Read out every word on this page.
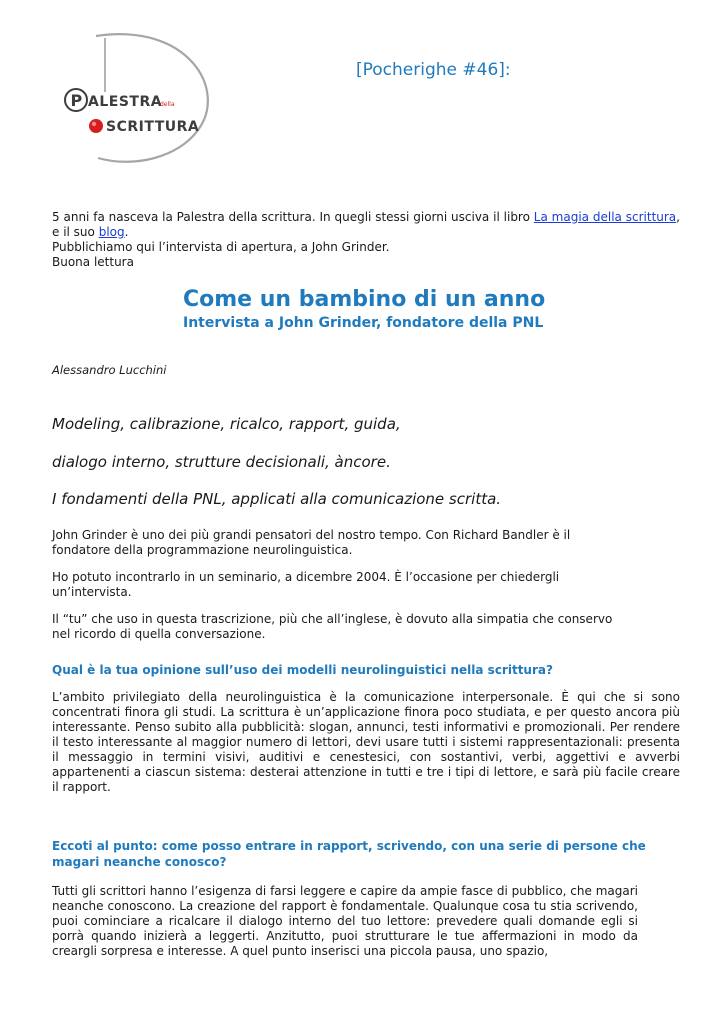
P ALESTRA
della
SCRITTURA
[Pocherighe #46]:
5 anni fa nasceva la Palestra della scrittura. In quegli stessi giorni usciva il libro La magia della scrittura, e il suo blog.
Pubblichiamo qui l’intervista di apertura, a John Grinder.
Buona lettura
Come un bambino di un anno
Intervista a John Grinder, fondatore della PNL
Alessandro Lucchini
Modeling, calibrazione, ricalco, rapport, guida,
dialogo interno, strutture decisionali, àncore.
I fondamenti della PNL, applicati alla comunicazione scritta.
John Grinder è uno dei più grandi pensatori del nostro tempo. Con Richard Bandler è il fondatore della programmazione neurolinguistica.
Ho potuto incontrarlo in un seminario, a dicembre 2004. È l’occasione per chiedergli un’intervista.
Il “tu” che uso in questa trascrizione, più che all’inglese, è dovuto alla simpatia che conservo nel ricordo di quella conversazione.
Qual è la tua opinione sull’uso dei modelli neurolinguistici nella scrittura?
L’ambito privilegiato della neurolinguistica è la comunicazione interpersonale. È qui che si sono concentrati finora gli studi. La scrittura è un’applicazione finora poco studiata, e per questo ancora più interessante. Penso subito alla pubblicità: slogan, annunci, testi informativi e promozionali. Per rendere il testo interessante al maggior numero di lettori, devi usare tutti i sistemi rappresentazionali: presenta il messaggio in termini visivi, auditivi e cenestesici, con sostantivi, verbi, aggettivi e avverbi appartenenti a ciascun sistema: desterai attenzione in tutti e tre i tipi di lettore, e sarà più facile creare il rapport.
Eccoti al punto: come posso entrare in rapport, scrivendo, con una serie di persone che magari neanche conosco?
Tutti gli scrittori hanno l’esigenza di farsi leggere e capire da ampie fasce di pubblico, che magari neanche conoscono. La creazione del rapport è fondamentale. Qualunque cosa tu stia scrivendo, puoi cominciare a ricalcare il dialogo interno del tuo lettore: prevedere quali domande egli si porrà quando inizierà a leggerti. Anzitutto, puoi strutturare le tue affermazioni in modo da creargli sorpresa e interesse. A quel punto inserisci una piccola pausa, uno spazio,
